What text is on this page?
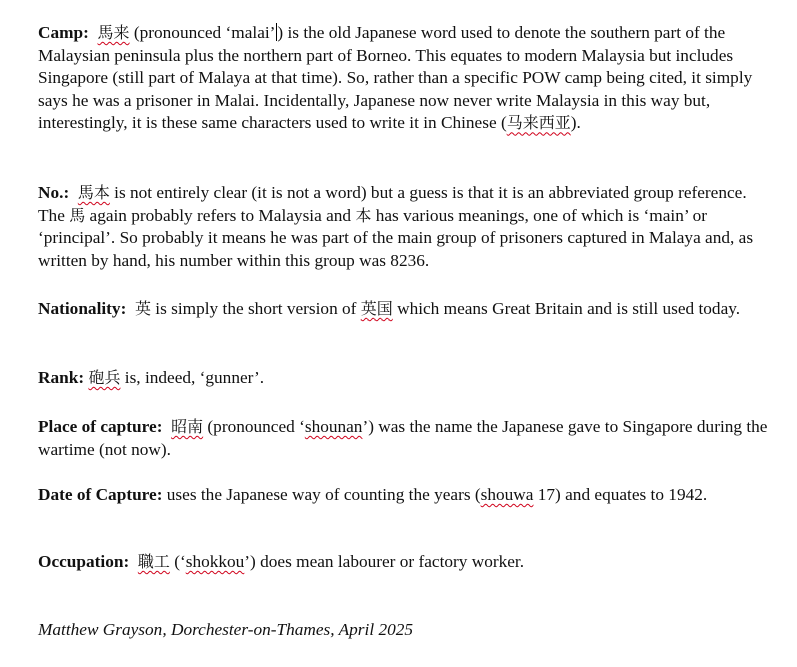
Camp: 馬来 (pronounced ‘malai’ ) is the old Japanese word used to denote the southern part of the Malaysian peninsula plus the northern part of Borneo. This equates to modern Malaysia but includes Singapore (still part of Malaya at that time). So, rather than a specific POW camp being cited, it simply says he was a prisoner in Malai. Incidentally, Japanese now never write Malaysia in this way but, interestingly, it is these same characters used to write it in Chinese (马来西亚).

No.: 馬本 is not entirely clear (it is not a word) but a guess is that it is an abbreviated group reference. The 馬 again probably refers to Malaysia and 本 has various meanings, one of which is ‘main’ or ‘principal’. So probably it means he was part of the main group of prisoners captured in Malaya and, as written by hand, his number within this group was 8236.

Nationality: 英 is simply the short version of 英国 which means Great Britain and is still used today.

Rank: 砲兵 is, indeed, ‘gunner’.

Place of capture: 昭南 (pronounced ‘shounan’) was the name the Japanese gave to Singapore during the wartime (not now).

Date of Capture: uses the Japanese way of counting the years (shouwa 17) and equates to 1942.

Occupation: 職工 (‘shokkou’) does mean labourer or factory worker.

Matthew Grayson, Dorchester-on-Thames, April 2025
